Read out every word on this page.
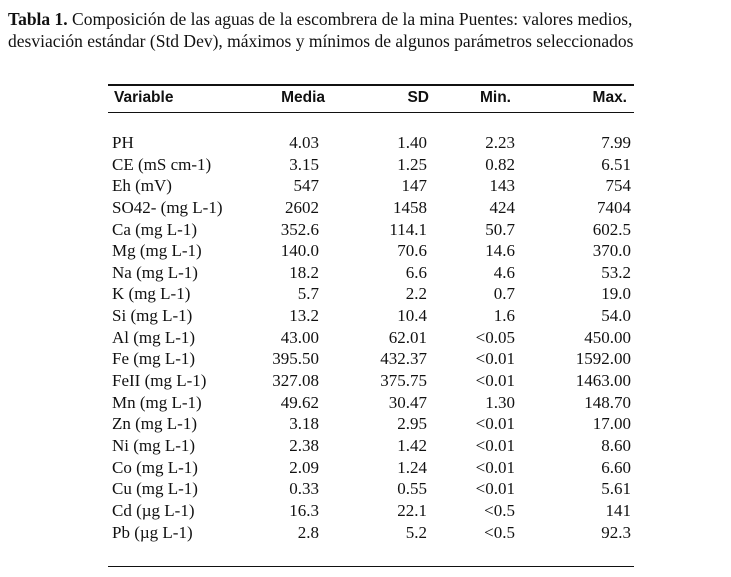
Tabla 1. Composición de las aguas de la escombrera de la mina Puentes: valores medios,
desviación estándar (Std Dev), máximos y mínimos de algunos parámetros seleccionados
Variable	Media	SD	Min.	Max.
PH	4.03	1.40	2.23	7.99
CE (mS cm-1)	3.15	1.25	0.82	6.51
Eh (mV)	547	147	143	754
SO42- (mg L-1)	2602	1458	424	7404
Ca (mg L-1)	352.6	114.1	50.7	602.5
Mg (mg L-1)	140.0	70.6	14.6	370.0
Na (mg L-1)	18.2	6.6	4.6	53.2
K (mg L-1)	5.7	2.2	0.7	19.0
Si (mg L-1)	13.2	10.4	1.6	54.0
Al (mg L-1)	43.00	62.01	<0.05	450.00
Fe (mg L-1)	395.50	432.37	<0.01	1592.00
FeII (mg L-1)	327.08	375.75	<0.01	1463.00
Mn (mg L-1)	49.62	30.47	1.30	148.70
Zn (mg L-1)	3.18	2.95	<0.01	17.00
Ni (mg L-1)	2.38	1.42	<0.01	8.60
Co (mg L-1)	2.09	1.24	<0.01	6.60
Cu (mg L-1)	0.33	0.55	<0.01	5.61
Cd (µg L-1)	16.3	22.1	<0.5	141
Pb (µg L-1)	2.8	5.2	<0.5	92.3
